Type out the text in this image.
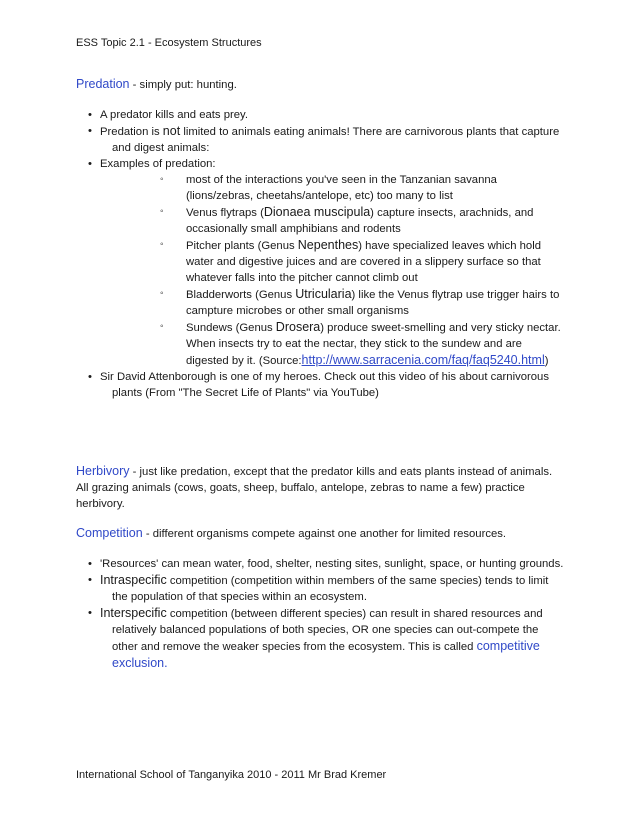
ESS Topic 2.1 - Ecosystem Structures
Predation - simply put: hunting.
• A predator kills and eats prey.
• Predation is not limited to animals eating animals! There are carnivorous plants that capture and digest animals:
• Examples of predation:
◦ most of the interactions you've seen in the Tanzanian savanna (lions/zebras, cheetahs/antelope, etc) too many to list
◦ Venus flytraps (Dionaea muscipula) capture insects, arachnids, and occasionally small amphibians and rodents
◦ Pitcher plants (Genus Nepenthes) have specialized leaves which hold water and digestive juices and are covered in a slippery surface so that whatever falls into the pitcher cannot climb out
◦ Bladderworts (Genus Utricularia) like the Venus flytrap use trigger hairs to campture microbes or other small organisms
◦ Sundews (Genus Drosera) produce sweet-smelling and very sticky nectar. When insects try to eat the nectar, they stick to the sundew and are digested by it. (Source:http://www.sarracenia.com/faq/faq5240.html)
• Sir David Attenborough is one of my heroes. Check out this video of his about carnivorous plants (From "The Secret Life of Plants" via YouTube)
Herbivory - just like predation, except that the predator kills and eats plants instead of animals. All grazing animals (cows, goats, sheep, buffalo, antelope, zebras to name a few) practice herbivory.
Competition - different organisms compete against one another for limited resources.
• 'Resources' can mean water, food, shelter, nesting sites, sunlight, space, or hunting grounds.
• Intraspecific competition (competition within members of the same species) tends to limit the population of that species within an ecosystem.
• Interspecific competition (between different species) can result in shared resources and relatively balanced populations of both species, OR one species can out-compete the other and remove the weaker species from the ecosystem. This is called competitive exclusion.
International School of Tanganyika 2010 - 2011 Mr Brad Kremer
